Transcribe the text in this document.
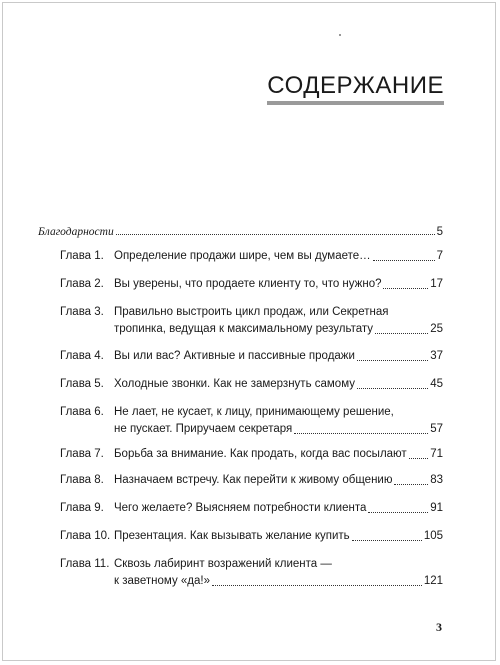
СОДЕРЖАНИЕ
Благодарности	5
Глава 1. Определение продажи шире, чем вы думаете…	7
Глава 2. Вы уверены, что продаете клиенту то, что нужно?	17
Глава 3. Правильно выстроить цикл продаж, или Секретная
тропинка, ведущая к максимальному результату	25
Глава 4. Вы или вас? Активные и пассивные продажи	37
Глава 5. Холодные звонки. Как не замерзнуть самому	45
Глава 6. Не лает, не кусает, к лицу, принимающему решение,
не пускает. Приручаем секретаря	57
Глава 7. Борьба за внимание. Как продать, когда вас посылают 71
Глава 8. Назначаем встречу. Как перейти к живому общению	83
Глава 9. Чего желаете? Выясняем потребности клиента	91
Глава 10. Презентация. Как вызывать желание купить	105
Глава 11. Сквозь лабиринт возражений клиента —
к заветному «да!»	121
3
